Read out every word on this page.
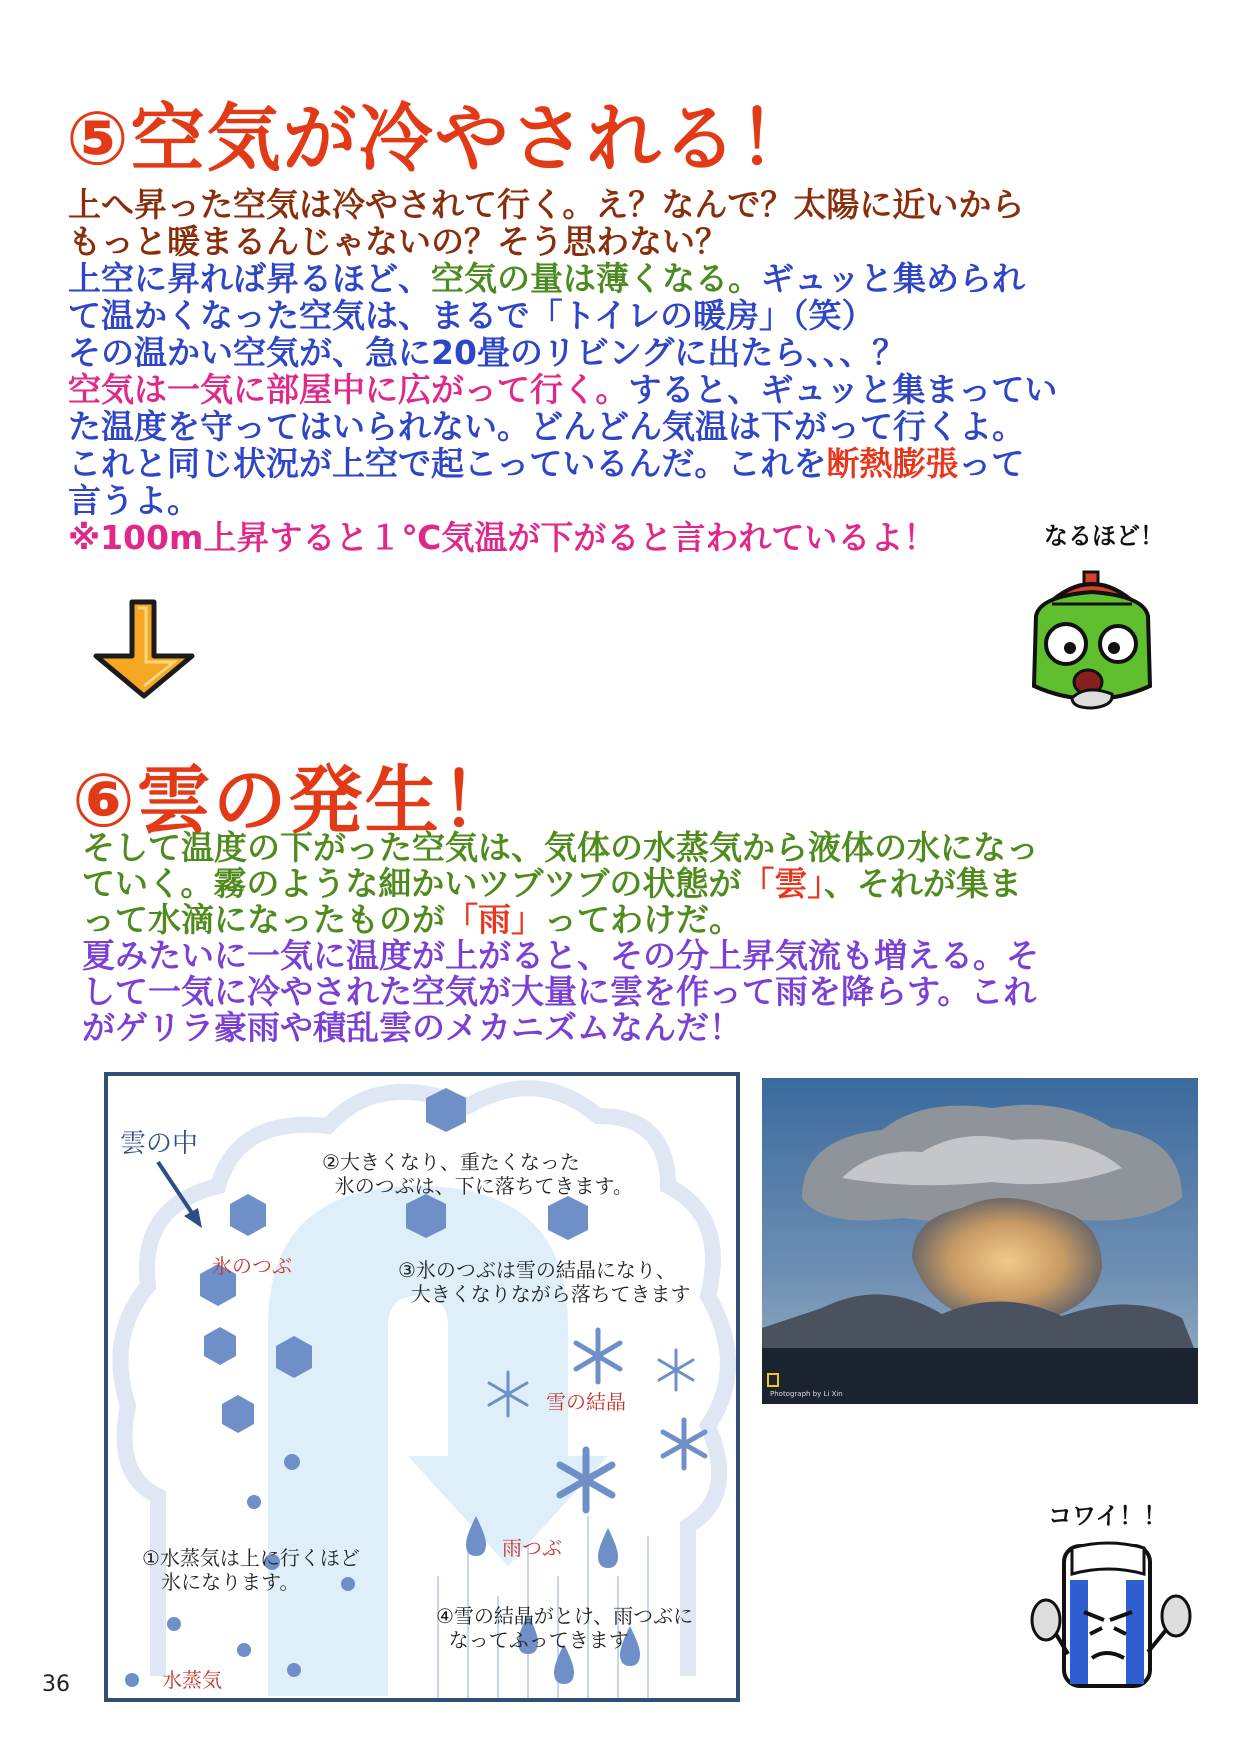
⑤空気が冷やされる！
上へ昇った空気は冷やされて行く。え？なんで？太陽に近いから
もっと暖まるんじゃないの？そう思わない？
上空に昇れば昇るほど、空気の量は薄くなる。ギュッと集められ
て温かくなった空気は、まるで「トイレの暖房」（笑）
その温かい空気が、急に20畳のリビングに出たら、、、？
空気は一気に部屋中に広がって行く。すると、ギュッと集まってい
た温度を守ってはいられない。どんどん気温は下がって行くよ。
これと同じ状況が上空で起こっているんだ。これを断熱膨張って
言うよ。
※100m上昇すると１℃気温が下がると言われているよ！	なるほど！
⑥雲の発生！
そして温度の下がった空気は、気体の水蒸気から液体の水になっ
ていく。霧のような細かいツブツブの状態が「雲」、それが集ま
って水滴になったものが「雨」ってわけだ。
夏みたいに一気に温度が上がると、その分上昇気流も増える。そ
して一気に冷やされた空気が大量に雲を作って雨を降らす。これ
がゲリラ豪雨や積乱雲のメカニズムなんだ！
雲の中
②大きくなり、重たくなった
氷のつぶは、下に落ちてきます。
氷のつぶ	③氷のつぶは雪の結晶になり、
大きくなりながら落ちてきます
雪の結晶
雨つぶ
①水蒸気は上に行くほど
氷になります。
④雪の結晶がとけ、雨つぶに
なってふってきます
水蒸気
Photograph by Li Xin
コワイ！！
36
